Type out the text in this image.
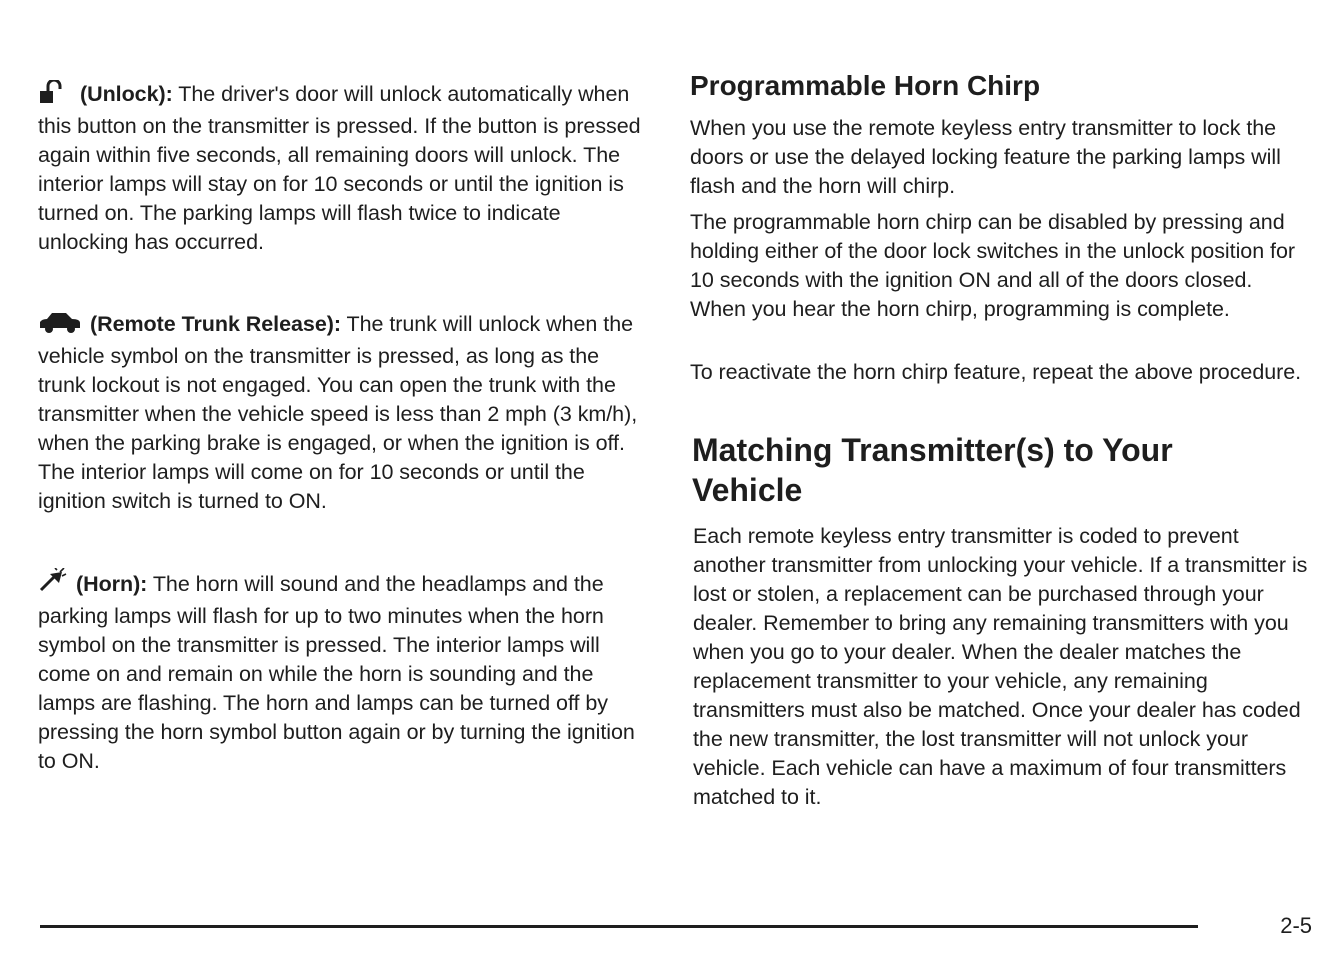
(Unlock): The driver's door will unlock automatically when this button on the transmitter is pressed. If the button is pressed again within five seconds, all remaining doors will unlock. The interior lamps will stay on for 10 seconds or until the ignition is turned on. The parking lamps will flash twice to indicate unlocking has occurred.

(Remote Trunk Release): The trunk will unlock when the vehicle symbol on the transmitter is pressed, as long as the trunk lockout is not engaged. You can open the trunk with the transmitter when the vehicle speed is less than 2 mph (3 km/h), when the parking brake is engaged, or when the ignition is off. The interior lamps will come on for 10 seconds or until the ignition switch is turned to ON.

(Horn): The horn will sound and the headlamps and the parking lamps will flash for up to two minutes when the horn symbol on the transmitter is pressed. The interior lamps will come on and remain on while the horn is sounding and the lamps are flashing. The horn and lamps can be turned off by pressing the horn symbol button again or by turning the ignition to ON.

Programmable Horn Chirp

When you use the remote keyless entry transmitter to lock the doors or use the delayed locking feature the parking lamps will flash and the horn will chirp.

The programmable horn chirp can be disabled by pressing and holding either of the door lock switches in the unlock position for 10 seconds with the ignition ON and all of the doors closed. When you hear the horn chirp, programming is complete.

To reactivate the horn chirp feature, repeat the above procedure.

Matching Transmitter(s) to Your Vehicle

Each remote keyless entry transmitter is coded to prevent another transmitter from unlocking your vehicle. If a transmitter is lost or stolen, a replacement can be purchased through your dealer. Remember to bring any remaining transmitters with you when you go to your dealer. When the dealer matches the replacement transmitter to your vehicle, any remaining transmitters must also be matched. Once your dealer has coded the new transmitter, the lost transmitter will not unlock your vehicle. Each vehicle can have a maximum of four transmitters matched to it.

2-5
